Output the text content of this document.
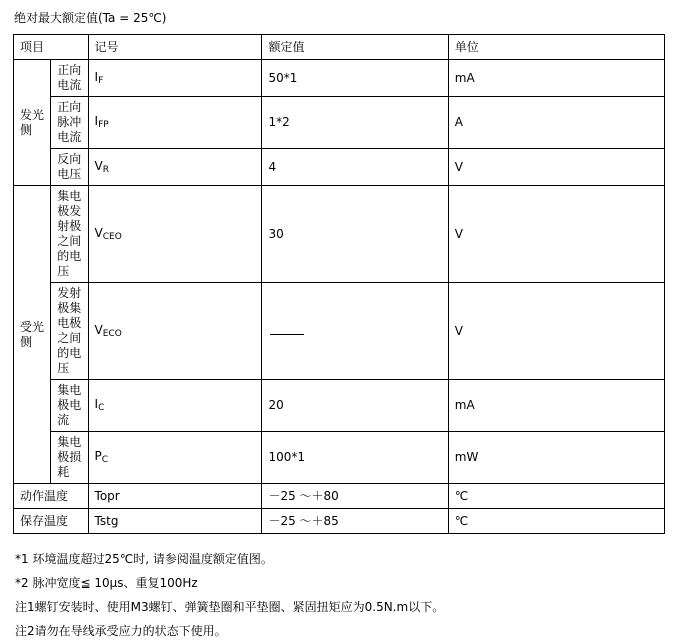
绝对最大额定值(Ta = 25℃)
项目		记号	额定值	单位
发光侧	正向电流	$I_F$	50*1	mA
	正向脉冲电流	$I_{FP}$	1*2	A
	反向电压	$V_R$	4	V
受光侧	集电极发射极之间的电压	$V_{CEO}$	30	V
	发射极集电极之间的电压	$V_{ECO}$		V
	集电极电流	$I_C$	20	mA
	集电极损耗	$P_C$	100*1	mW
动作温度		Topr	－25 ～＋80	℃
保存温度		Tstg	－25 ～＋85	℃

*1 环境温度超过25℃时, 请参阅温度额定值图。

*2 脉冲宽度≦ 10µs、重复100Hz

注1螺钉安装时、使用M3螺钉、弹簧垫圈和平垫圈、紧固扭矩应为0.5N.m以下。

注2请勿在导线承受应力的状态下使用。
